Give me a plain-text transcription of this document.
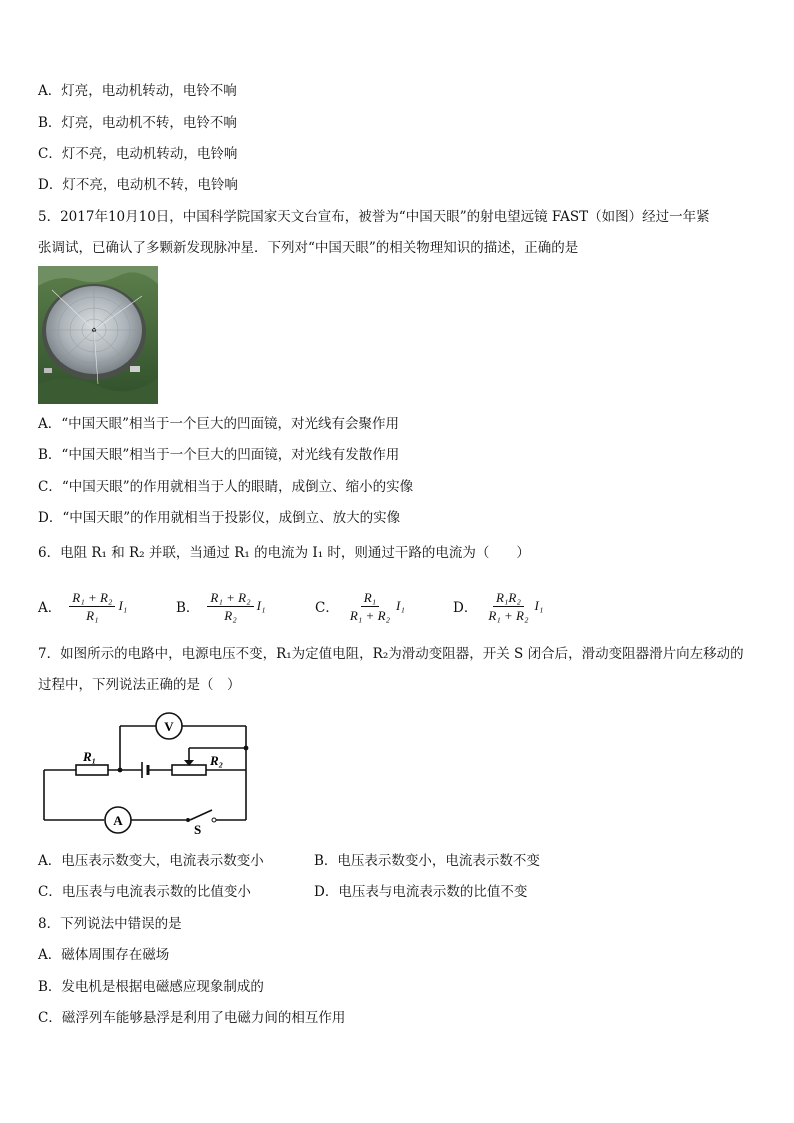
A．灯亮，电动机转动，电铃不响
B．灯亮，电动机不转，电铃不响
C．灯不亮，电动机转动，电铃响
D．灯不亮，电动机不转，电铃响
5．2017年10月10日，中国科学院国家天文台宣布，被誉为“中国天眼”的射电望远镜 FAST（如图）经过一年紧
张调试，已确认了多颗新发现脉冲星．下列对“中国天眼”的相关物理知识的描述，正确的是
A．“中国天眼”相当于一个巨大的凹面镜，对光线有会聚作用
B．“中国天眼”相当于一个巨大的凹面镜，对光线有发散作用
C．“中国天眼”的作用就相当于人的眼睛，成倒立、缩小的实像
D．“中国天眼”的作用就相当于投影仪，成倒立、放大的实像
6．电阻 R₁ 和 R₂ 并联，当通过 R₁ 的电流为 I₁ 时，则通过干路的电流为（　　）
A． $\frac{\text{R₁ + R₂}}{\text{R₁}} I_1$	B． $\frac{\text{R₁ + R₂}}{\text{R₂}} I_1$	C． $\frac{\text{R₁}}{\text{R₁ + R₂}} I_1$	D． $\frac{\text{R₁R₂}}{\text{R₁ + R₂}} I_1$
7．如图所示的电路中，电源电压不变，R₁为定值电阻，R₂为滑动变阻器，开关 S 闭合后，滑动变阻器滑片向左移动的
过程中，下列说法正确的是（　）
V
A
R₁	R₂
S
A．电压表示数变大，电流表示数变小	B．电压表示数变小，电流表示数不变
C．电压表与电流表示数的比值变小	D．电压表与电流表示数的比值不变
8．下列说法中错误的是
A．磁体周围存在磁场
B．发电机是根据电磁感应现象制成的
C．磁浮列车能够悬浮是利用了电磁力间的相互作用
